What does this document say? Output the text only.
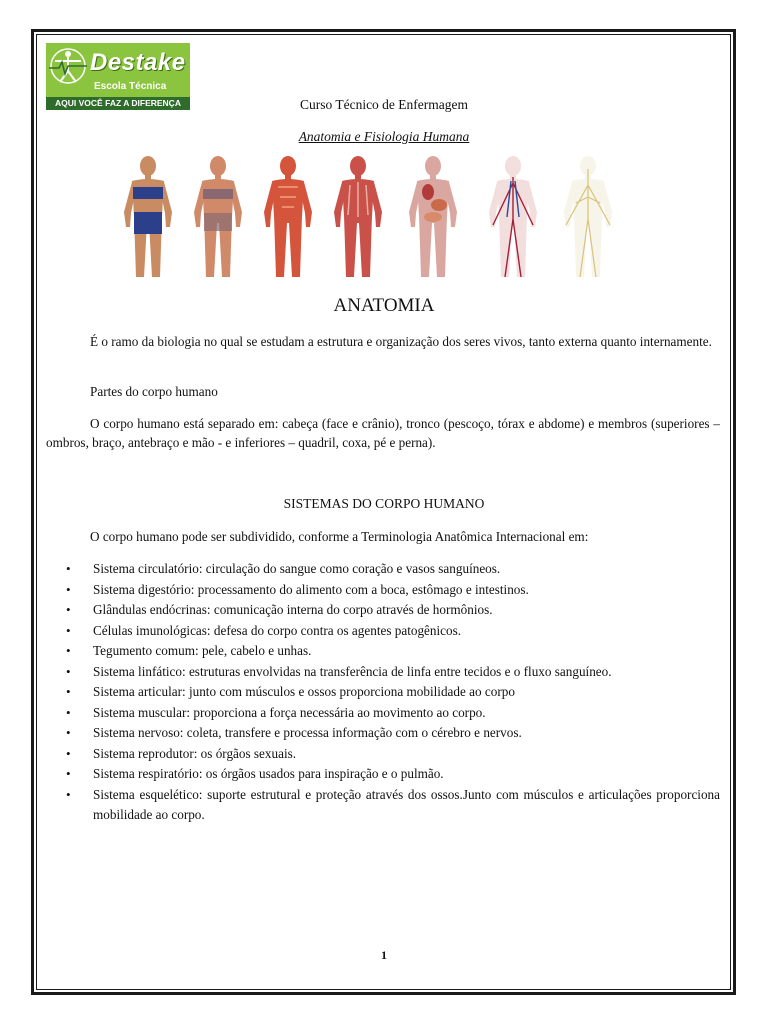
Destake
Escola Técnica
AQUI VOCÊ FAZ A DIFERENÇA	Curso Técnico de Enfermagem
Anatomia e Fisiologia Humana
ANATOMIA

É o ramo da biologia no qual se estudam a estrutura e organização dos seres vivos, tanto externa quanto internamente.

Partes do corpo humano

O corpo humano está separado em: cabeça (face e crânio), tronco (pescoço, tórax e abdome) e membros (superiores – ombros, braço, antebraço e mão - e inferiores – quadril, coxa, pé e perna).

SISTEMAS DO CORPO HUMANO

O corpo humano pode ser subdividido, conforme a Terminologia Anatômica Internacional em:

• Sistema circulatório: circulação do sangue como coração e vasos sanguíneos.
• Sistema digestório: processamento do alimento com a boca, estômago e intestinos.
• Glândulas endócrinas: comunicação interna do corpo através de hormônios.
• Células imunológicas: defesa do corpo contra os agentes patogênicos.
• Tegumento comum: pele, cabelo e unhas.
• Sistema linfático: estruturas envolvidas na transferência de linfa entre tecidos e o fluxo sanguíneo.
• Sistema articular: junto com músculos e ossos proporciona mobilidade ao corpo
• Sistema muscular: proporciona a força necessária ao movimento ao corpo.
• Sistema nervoso: coleta, transfere e processa informação com o cérebro e nervos.
• Sistema reprodutor: os órgãos sexuais.
• Sistema respiratório: os órgãos usados para inspiração e o pulmão.
• Sistema esquelético: suporte estrutural e proteção através dos ossos.Junto com músculos e articulações proporciona mobilidade ao corpo.
1
